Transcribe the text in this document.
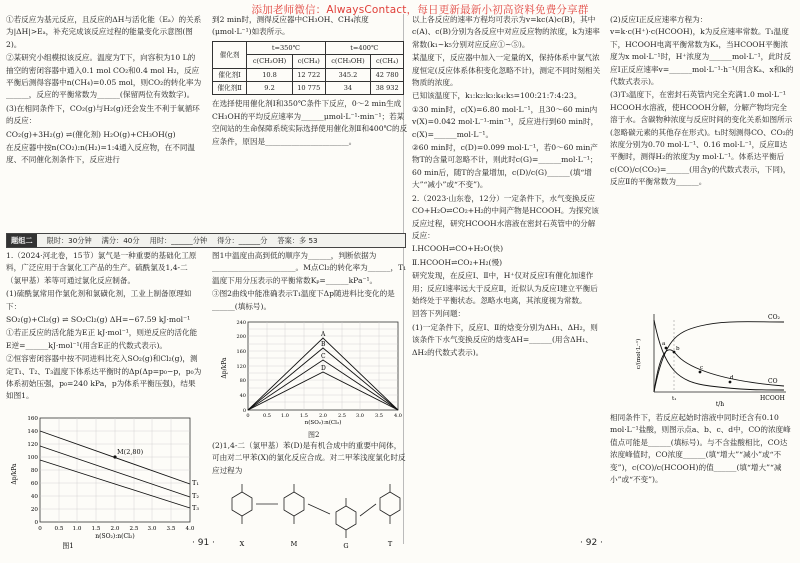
添加老师微信：AlwaysContact，每日更新最新小初高资料免费分享群

①若反应为基元反应，且反应的ΔH与活化能（Eₐ）的关系为|ΔH|>Eₐ，补充完成该反应过程的能量变化示意图(图2)。

②某研究小组模拟该反应。温度为T下，向容积为10 L的抽空的密闭容器中通入0.1 mol CO₂和0.4 mol H₂，反应平衡后测得容器中n(CH₄)=0.05 mol，则CO₂的转化率为______，反应的平衡常数为______(保留两位有效数字)。

(3)在相同条件下，CO₂(g)与H₂(g)还会发生不利于氧循环的反应：

CO₂(g)+3H₂(g) ⇌(催化剂) H₂O(g)+CH₃OH(g)

在反应器中按n(CO₂):n(H₂)=1:4通入反应物，在不同温度、不同催化剂条件下，反应进行

到2 min时，测得反应器中CH₃OH、CH₄浓度(μmol·L⁻¹)如表所示。

催化剂	t=350℃		t=400℃	
	c(CH₃OH)	c(CH₄)	c(CH₃OH)	c(CH₄)
催化剂Ⅰ	10.8	12 722	345.2	42 780
催化剂Ⅱ	9.2	10 775	34	38 932

在选择使用催化剂Ⅰ和350℃条件下反应，0～2 min生成CH₃OH的平均反应速率为______μmol·L⁻¹·min⁻¹；若某空间站的生命保障系统实际选择使用催化剂Ⅱ和400℃的反应条件，原因是______________________。

题组二	限时：30分钟 满分：40分 用时：______分钟 得分：______分 答案：多 53

1.（2024·河北卷，15节）氯气是一种重要的基础化工原料，广泛应用于含氯化工产品的生产。硫酰氯及1,4-二（氯甲基）苯等可通过氯化反应制备。

(1)硫酰氯常用作氯化剂和氯磺化剂，工业上制备原理如下：

SO₂(g)+Cl₂(g) ⇌ SO₂Cl₂(g) ΔH=−67.59 kJ·mol⁻¹

①若正反应的活化能为E正 kJ·mol⁻¹，则逆反应的活化能E逆=______kJ·mol⁻¹(用含E正的代数式表示)。

②恒容密闭容器中按不同进料比充入SO₂(g)和Cl₂(g)，测定T₁、T₂、T₃温度下体系达平衡时的Δp(Δp=p₀−p，p₀为体系初始压强，p₀=240 kPa，p为体系平衡压强)，结果如图1。

M(2,80)
T₁
T₂
T₃
0
20
40
60
80
100
120
140
160
0 0.5 1.0 1.5 2.0 2.5 3.0 3.5 4.0
n(SO₂):n(Cl₂)
图1
Δp/kPa

图1中温度由高到低的顺序为______，判断依据为______________________。M点Cl₂的转化率为______，T₁温度下用分压表示的平衡常数Kₚ=______kPa⁻¹。

③图2曲线中能准确表示T₁温度下Δp随进料比变化的是______(填标号)。

A
B
C
D
0
40
80
120
160
200
240
0	0.5 1.0 1.5 2.0 2.5 3.0 3.5 4.0
n(SO₂):n(Cl₂)
Δp/kPa
图2

(2)1,4-二（氯甲基）苯(D)是有机合成中的重要中间体，可由对二甲苯(X)的氯化反应合成。对二甲苯浅度氯化时反应过程为

X	M	G	T

以上各反应的速率方程均可表示为v=kc(A)c(B)，其中c(A)、c(B)分别为各反应中对应反应物的浓度，k为速率常数(k₁~k₅分别对应反应①~⑤)。

某温度下，反应器中加入一定量的X，保持体系中氯气浓度恒定(反应体系体积变化忽略不计)，测定不同时刻相关物质的浓度。

已知该温度下，k₁:k₂:k₃:k₄:k₅=100:21:7:4:23。

①30 min时，c(X)=6.80 mol·L⁻¹，且30～60 min内v(X)=0.042 mol·L⁻¹·min⁻¹，反应进行到60 min时，c(X)=______mol·L⁻¹。

②60 min时，c(D)=0.099 mol·L⁻¹，若0～60 min产物T的含量可忽略不计，则此时c(G)=______mol·L⁻¹；60 min后，随T的含量增加，c(D)/c(G)______(填“增大”“减小”或“不变”)。

2.（2023·山东卷，12分）一定条件下，水气变换反应CO+H₂O⇌CO₂+H₂的中间产物是HCOOH。为探究该反应过程，研究HCOOH水溶液在密封石英管中的分解反应：

Ⅰ.HCOOH⇌CO+H₂O(快)

Ⅱ.HCOOH⇌CO₂+H₂(慢)

研究发现，在反应Ⅰ、Ⅱ中，H⁺仅对反应Ⅰ有催化加速作用；反应Ⅰ速率远大于反应Ⅱ，近似认为反应Ⅰ建立平衡后始终处于平衡状态。忽略水电离，其浓度视为常数。

回答下列问题：

(1)一定条件下，反应Ⅰ、Ⅱ的焓变分别为ΔH₁、ΔH₂，则该条件下水气变换反应的焓变ΔH=______(用含ΔH₁、ΔH₂的代数式表示)。

(2)反应Ⅰ正反应速率方程为：v=k·c(H⁺)·c(HCOOH)，k为反应速率常数。T₁温度下，HCOOH电离平衡常数为Kₐ，当HCOOH平衡浓度为x mol·L⁻¹时，H⁺浓度为______mol·L⁻¹，此时反应Ⅰ正反应速率v=______mol·L⁻¹·h⁻¹(用含Kₐ、x和k的代数式表示)。

(3)T₃温度下，在密封石英管内完全充满1.0 mol·L⁻¹ HCOOH水溶液，使HCOOH分解，分解产物均完全溶于水。含碳物种浓度与反应时间的变化关系如图所示(忽略碳元素的其他存在形式)。t₁时刻测得CO、CO₂的浓度分别为0.70 mol·L⁻¹、0.16 mol·L⁻¹，反应Ⅱ达平衡时，测得H₂的浓度为y mol·L⁻¹。体系达平衡后c(CO)/c(CO₂)=______(用含y的代数式表示，下同)，反应Ⅱ的平衡常数为______。

a
b
c
d
CO₂
CO
HCOOH
t₁
t/h
c/(mol·L⁻¹)

相同条件下，若反应起始时溶液中同时还含有0.10 mol·L⁻¹盐酸，则图示点a、b、c、d中，CO的浓度峰值点可能是______(填标号)。与不含盐酸相比，CO达浓度峰值时，CO浓度______(填“增大”“减小”或“不变”)，c(CO)/c(HCOOH)的值______(填“增大”“减小”或“不变”)。

· 91 ·	· 92 ·
